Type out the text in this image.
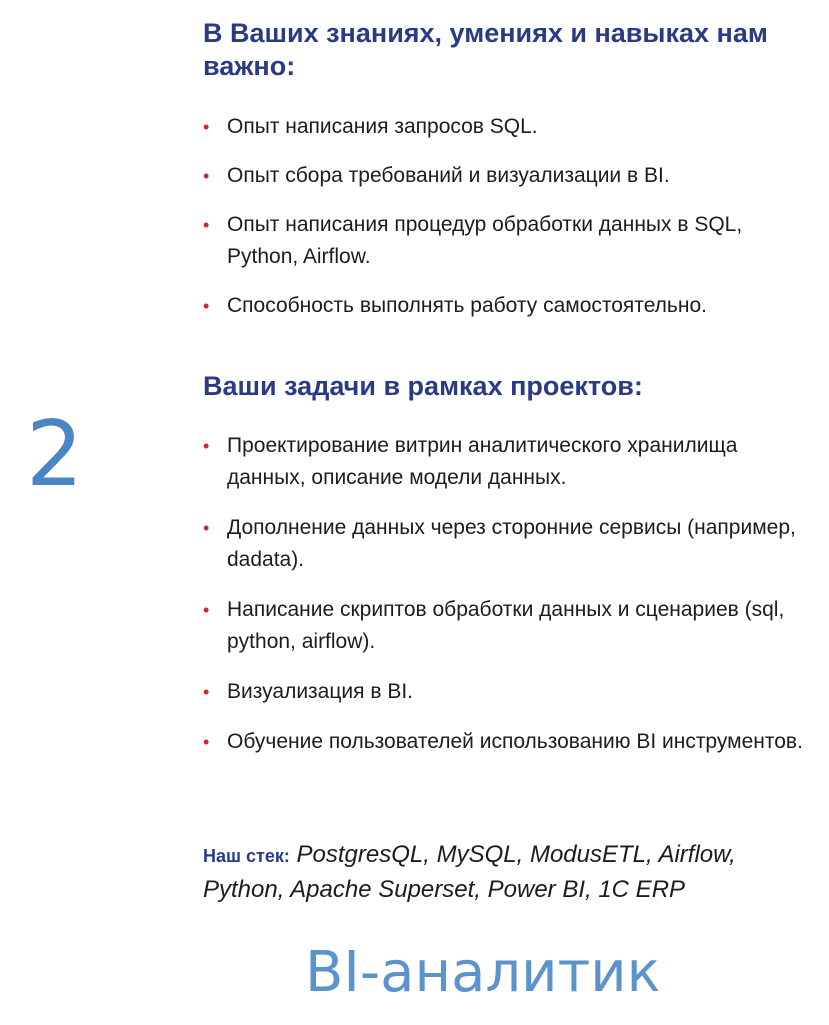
В Ваших знаниях, умениях и навыках нам важно:
• Опыт написания запросов SQL.
• Опыт сбора требований и визуализации в BI.
• Опыт написания процедур обработки данных в SQL, Python, Airflow.
• Способность выполнять работу самостоятельно.
Ваши задачи в рамках проектов:
2	• Проектирование витрин аналитического хранилища данных, описание модели данных.
• Дополнение данных через сторонние сервисы (например, dadata).
• Написание скриптов обработки данных и сценариев (sql, python, airflow).
• Визуализация в BI.
• Обучение пользователей использованию BI инструментов.
Наш стек: PostgresQL, MySQL, ModusETL, Airflow, Python, Apache Superset, Power BI, 1C ERP
BI-аналитик
